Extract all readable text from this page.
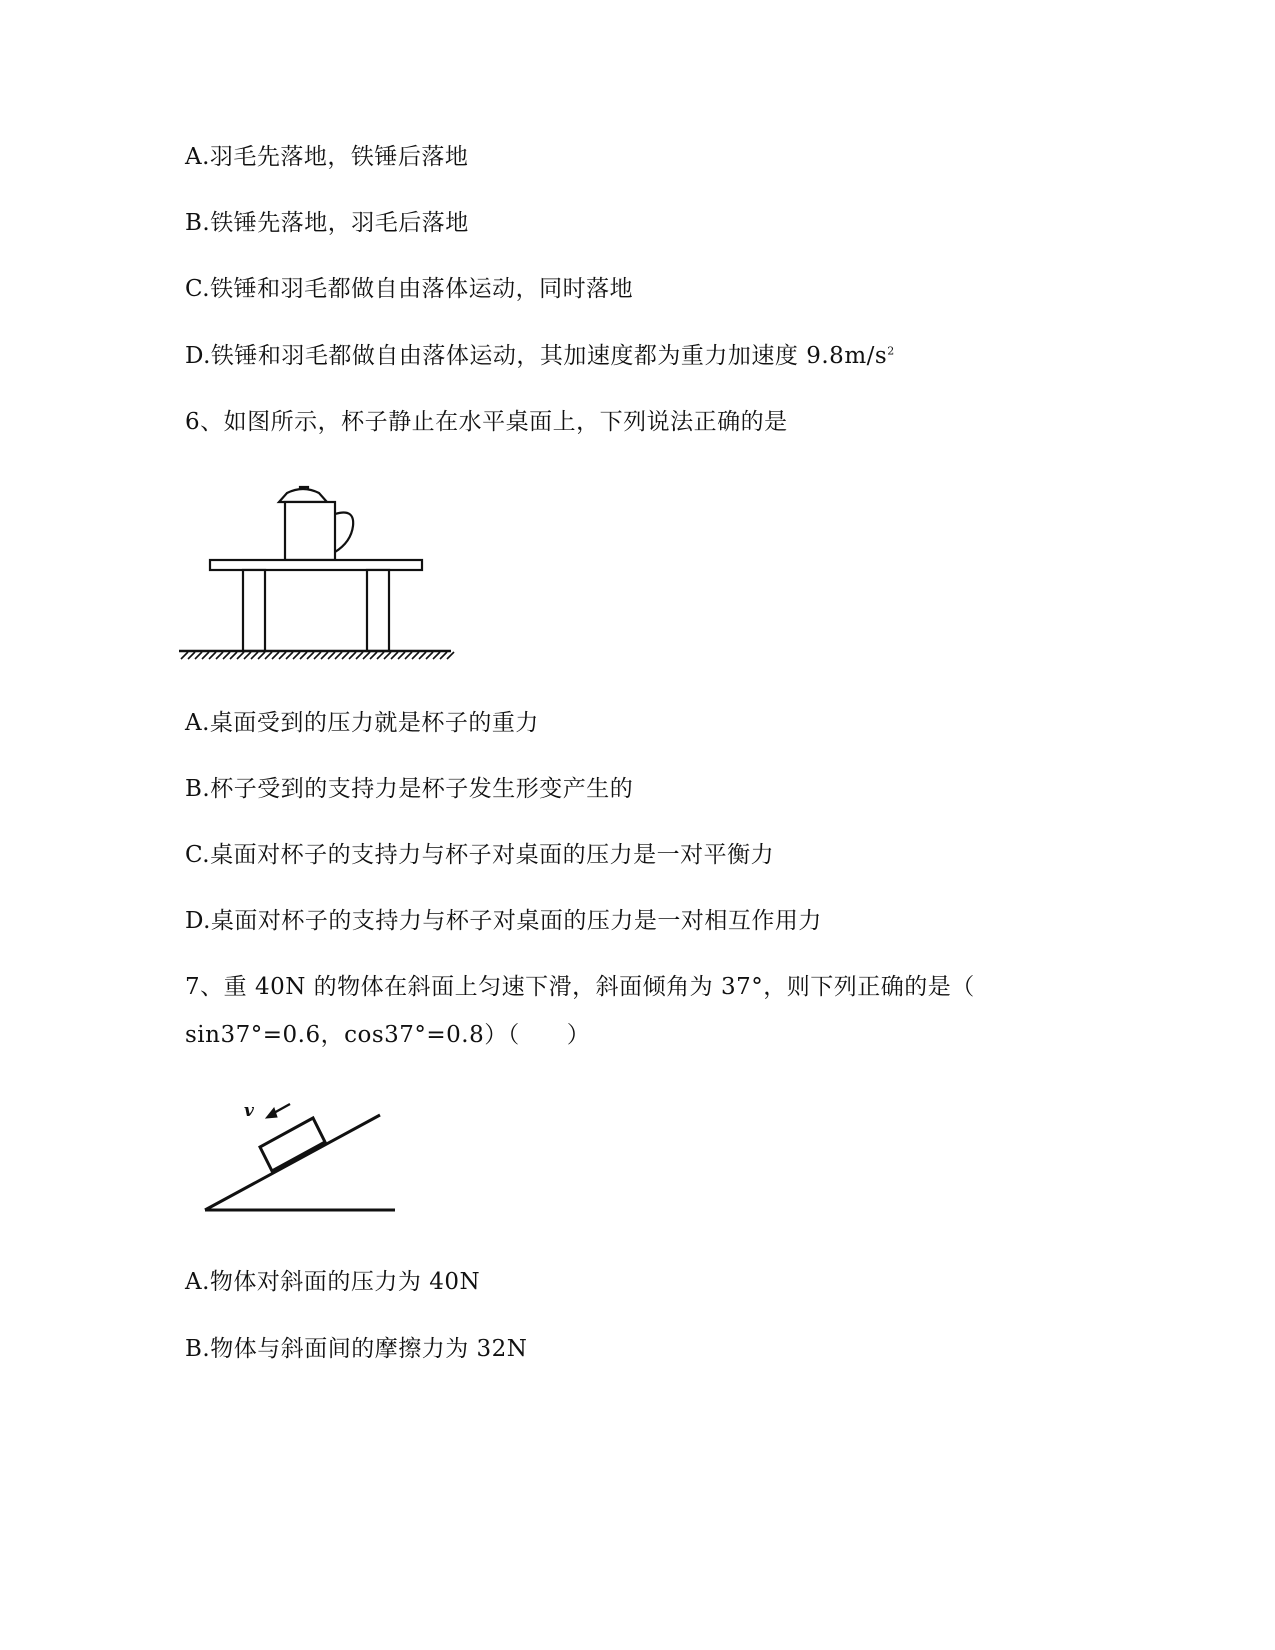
A.羽毛先落地，铁锤后落地
B.铁锤先落地，羽毛后落地
C.铁锤和羽毛都做自由落体运动，同时落地
D.铁锤和羽毛都做自由落体运动，其加速度都为重力加速度 $9.8m/s^2$
6、如图所示，杯子静止在水平桌面上，下列说法正确的是
A.桌面受到的压力就是杯子的重力
B.杯子受到的支持力是杯子发生形变产生的
C.桌面对杯子的支持力与杯子对桌面的压力是一对平衡力
D.桌面对杯子的支持力与杯子对桌面的压力是一对相互作用力
7、重 40N 的物体在斜面上匀速下滑，斜面倾角为 37°，则下列正确的是（
sin37°=0.6，cos37°=0.8）（　　）
v
A.物体对斜面的压力为 40N
B.物体与斜面间的摩擦力为 32N
